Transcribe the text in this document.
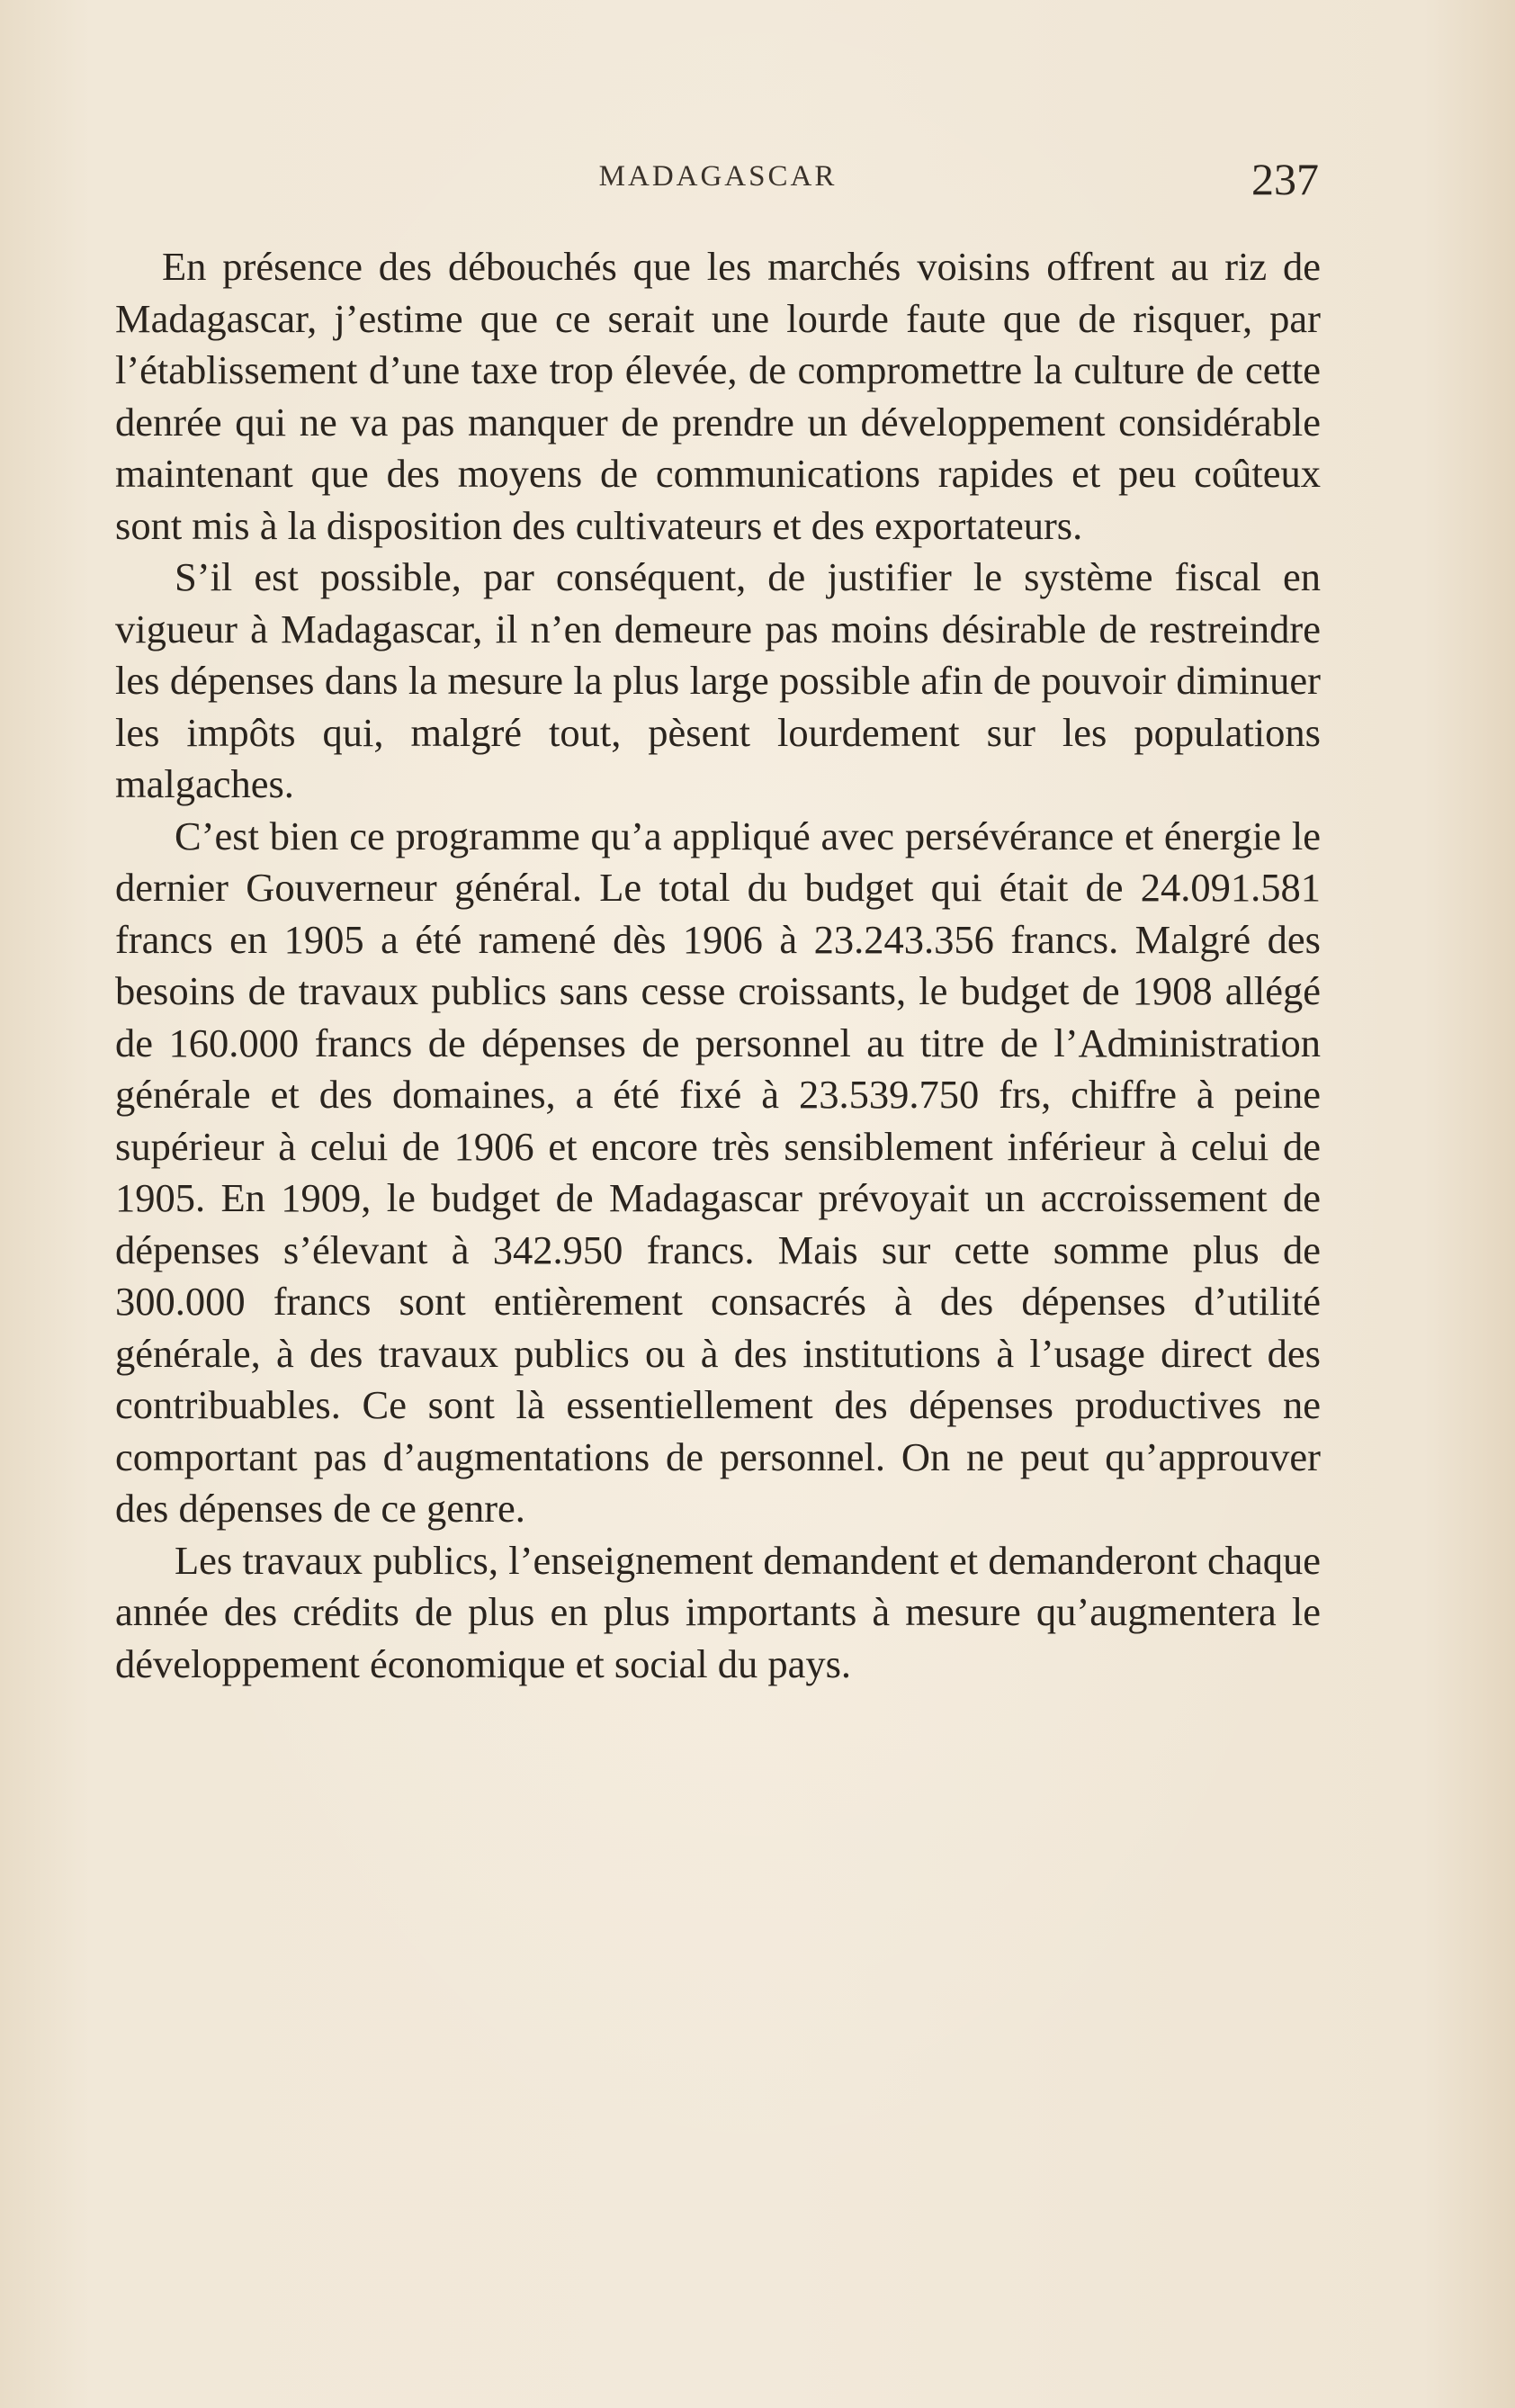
MADAGASCAR	237

En présence des débouchés que les marchés voisins offrent au riz de Madagascar, j’estime que ce serait une lourde faute que de risquer, par l’établissement d’une taxe trop élevée, de compromettre la culture de cette denrée qui ne va pas manquer de prendre un développement considérable maintenant que des moyens de communications rapides et peu coûteux sont mis à la disposition des cultivateurs et des exportateurs.

S’il est possible, par conséquent, de justifier le système fiscal en vigueur à Madagascar, il n’en demeure pas moins désirable de restreindre les dépenses dans la mesure la plus large possible afin de pouvoir diminuer les impôts qui, malgré tout, pèsent lourdement sur les populations malgaches.

C’est bien ce programme qu’a appliqué avec persévérance et énergie le dernier Gouverneur général. Le total du budget qui était de 24.091.581 francs en 1905 a été ramené dès 1906 à 23.243.356 francs. Malgré des besoins de travaux publics sans cesse croissants, le budget de 1908 allégé de 160.000 francs de dépenses de personnel au titre de l’Administration générale et des domaines, a été fixé à 23.539.750 frs, chiffre à peine supérieur à celui de 1906 et encore très sensiblement inférieur à celui de 1905. En 1909, le budget de Madagascar prévoyait un accroissement de dépenses s’élevant à 342.950 francs. Mais sur cette somme plus de 300.000 francs sont entièrement consacrés à des dépenses d’utilité générale, à des travaux publics ou à des institutions à l’usage direct des contribuables. Ce sont là essentiellement des dépenses productives ne comportant pas d’augmentations de personnel. On ne peut qu’approuver des dépenses de ce genre.

Les travaux publics, l’enseignement demandent et demanderont chaque année des crédits de plus en plus importants à mesure qu’augmentera le développement économique et social du pays.
